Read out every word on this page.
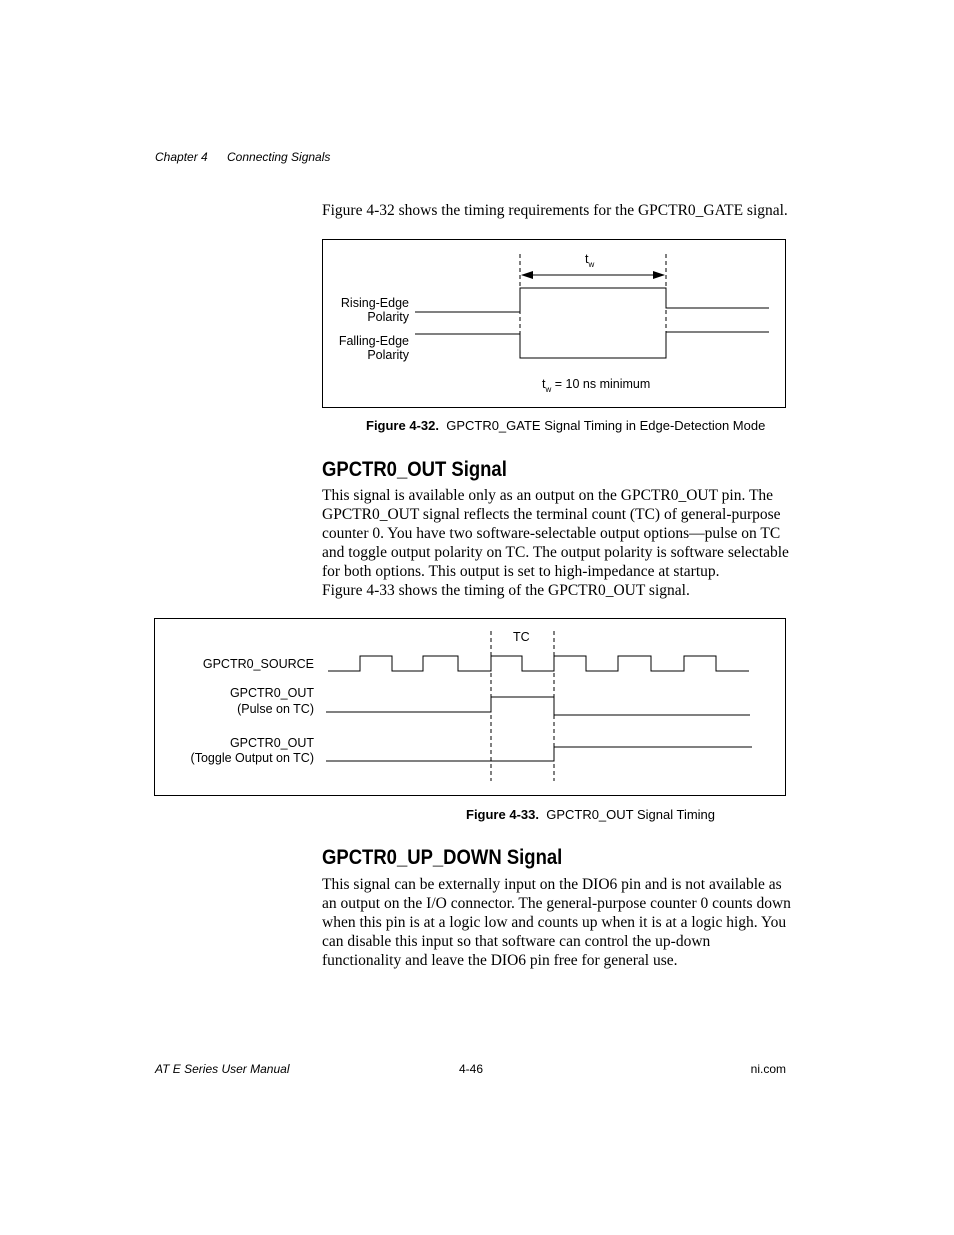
Chapter 4 Connecting Signals
Figure 4-32 shows the timing requirements for the GPCTR0_GATE signal.
$t_w$
Rising-Edge
Polarity
Falling-Edge
Polarity
$t_w = 10$ ns minimum
Figure 4-32. GPCTR0_GATE Signal Timing in Edge-Detection Mode
GPCTR0_OUT Signal
This signal is available only as an output on the GPCTR0_OUT pin. The
GPCTR0_OUT signal reflects the terminal count (TC) of general-purpose
counter 0. You have two software-selectable output options—pulse on TC
and toggle output polarity on TC. The output polarity is software selectable
for both options. This output is set to high-impedance at startup.
Figure 4-33 shows the timing of the GPCTR0_OUT signal.
TC
GPCTR0_SOURCE
GPCTR0_OUT
(Pulse on TC)
GPCTR0_OUT
(Toggle Output on TC)
Figure 4-33. GPCTR0_OUT Signal Timing
GPCTR0_UP_DOWN Signal
This signal can be externally input on the DIO6 pin and is not available as
an output on the I/O connector. The general-purpose counter 0 counts down
when this pin is at a logic low and counts up when it is at a logic high. You
can disable this input so that software can control the up-down
functionality and leave the DIO6 pin free for general use.
AT E Series User Manual	4-46	ni.com
